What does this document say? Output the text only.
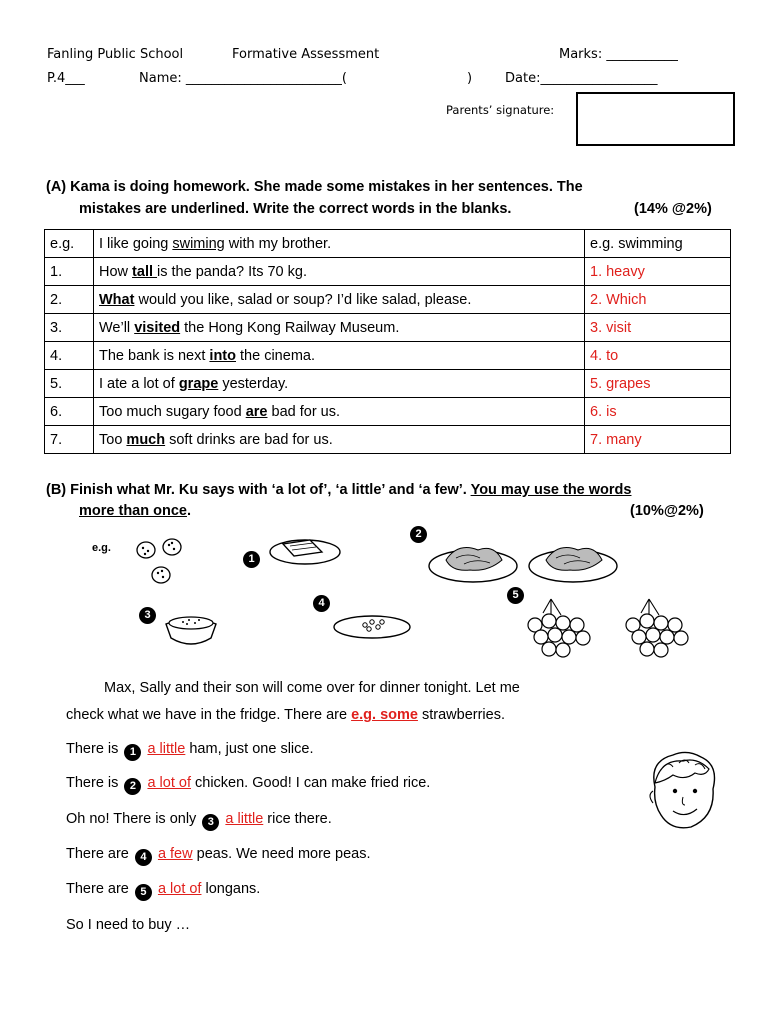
Fanling Public School	Formative Assessment	Marks: ___________
P.4___	Name: ________________________(	)	Date:__________________
Parents’ signature:
(A) Kama is doing homework. She made some mistakes in her sentences. The
mistakes are underlined. Write the correct words in the blanks.	(14% @2%)
e.g.	I like going swiming with my brother.	e.g. swimming
1.	How tall is the panda? Its 70 kg.	1. heavy
2.	What would you like, salad or soup? I’d like salad, please.	2. Which
3.	We’ll visited the Hong Kong Railway Museum.	3. visit
4.	The bank is next into the cinema.	4. to
5.	I ate a lot of grape yesterday.	5. grapes
6.	Too much sugary food are bad for us.	6. is
7.	Too much soft drinks are bad for us.	7. many
(B) Finish what Mr. Ku says with ‘a lot of’, ‘a little’ and ‘a few’. You may use the words
more than once.	(10%@2%)
e.g.
1
2
3
4
5
Max, Sally and their son will come over for dinner tonight. Let me
check what we have in the fridge. There are e.g. some strawberries.
There is 1 a little ham, just one slice.
There is 2 a lot of chicken. Good! I can make fried rice.
Oh no! There is only 3 a little rice there.
There are 4 a few peas. We need more peas.
There are 5 a lot of longans.
So I need to buy …
